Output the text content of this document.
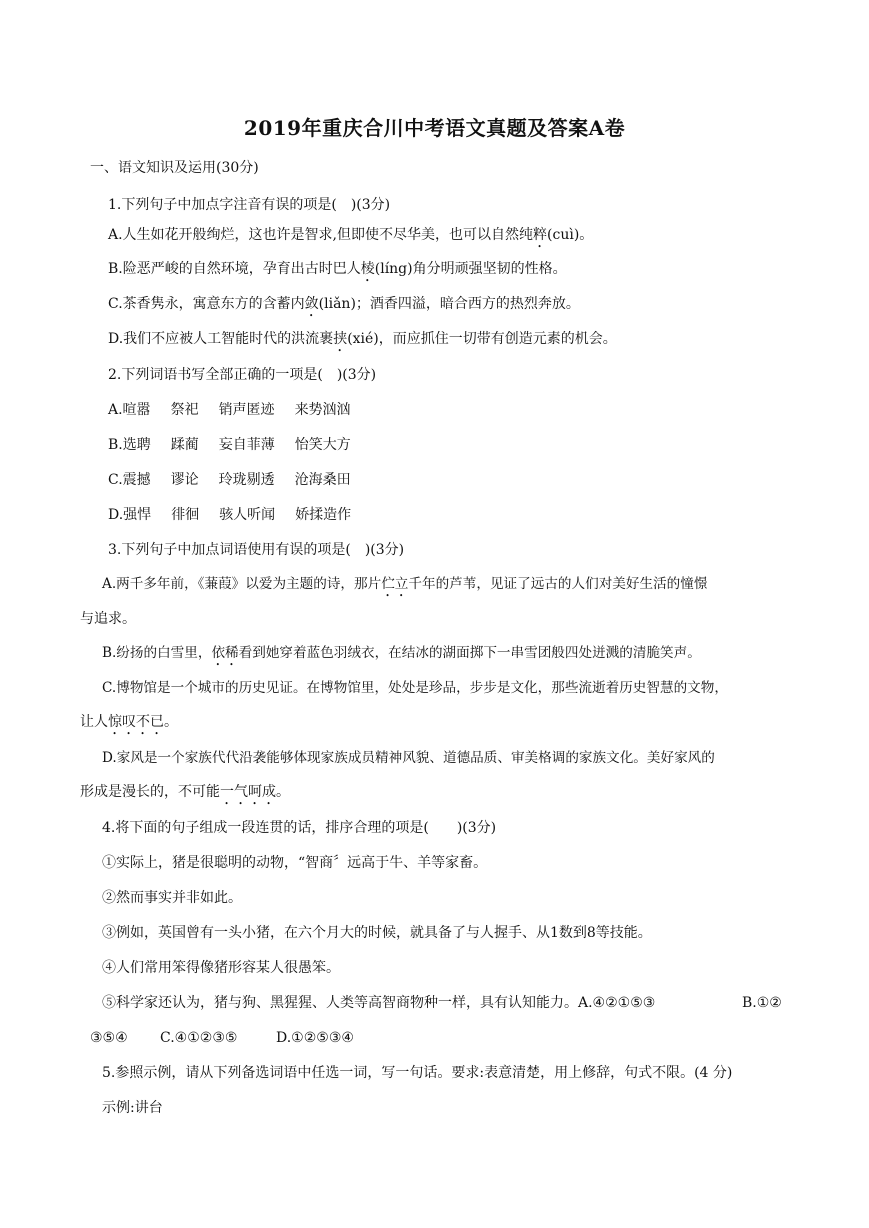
2019年重庆合川中考语文真题及答案A卷
一、语文知识及运用(30分)
1.下列句子中加点字注音有误的项是(　)(3分)
A.人生如花开般绚烂，这也许是智求,但即使不尽华美，也可以自然纯粹(cuì)。
B.险恶严峻的自然环境，孕育出古时巴人棱(líng)角分明顽强坚韧的性格。
C.茶香隽永，寓意东方的含蓄内敛(liǎn)；酒香四溢，暗合西方的热烈奔放。
D.我们不应被人工智能时代的洪流裹挟(xié)，而应抓住一切带有创造元素的机会。
2.下列词语书写全部正确的一项是(　)(3分)
A.喧嚣 祭祀 销声匿迹 来势汹汹
B.选聘 蹂蔺 妄自菲薄 怡笑大方
C.震撼 谬论 玲珑剔透 沧海桑田
D.强悍 徘徊 骇人听闻 娇揉造作
3.下列句子中加点词语使用有误的项是(　)(3分)
A.两千多年前，《蒹葭》以爱为主题的诗，那片伫立千年的芦苇，见证了远古的人们对美好生活的憧憬
与追求。
B.纷扬的白雪里，依稀看到她穿着蓝色羽绒衣，在结冰的湖面掷下一串雪团般四处迸溅的清脆笑声。
C.博物馆是一个城市的历史见证。在博物馆里，处处是珍品，步步是文化，那些流逝着历史智慧的文物，
让人惊叹不已。
D.家风是一个家族代代沿袭能够体现家族成员精神风貌、道德品质、审美格调的家族文化。美好家风的
形成是漫长的，不可能一气呵成。
4.将下面的句子组成一段连贯的话，排序合理的项是(　　)(3分)
①实际上，猪是很聪明的动物，“智商〞远高于牛、羊等家畜。
②然而事实并非如此。
③例如，英国曾有一头小猪，在六个月大的时候，就具备了与人握手、从1数到8等技能。
④人们常用笨得像猪形容某人很愚笨。
⑤科学家还认为，猪与狗、黑猩猩、人类等高智商物种一样，具有认知能力。A.④②①⑤③	B.①②
③⑤④ C.④①②③⑤	D.①②⑤③④
5.参照示例，请从下列备选词语中任选一词，写一句话。要求:表意清楚，用上修辞，句式不限。(4 分)
示例:讲台
